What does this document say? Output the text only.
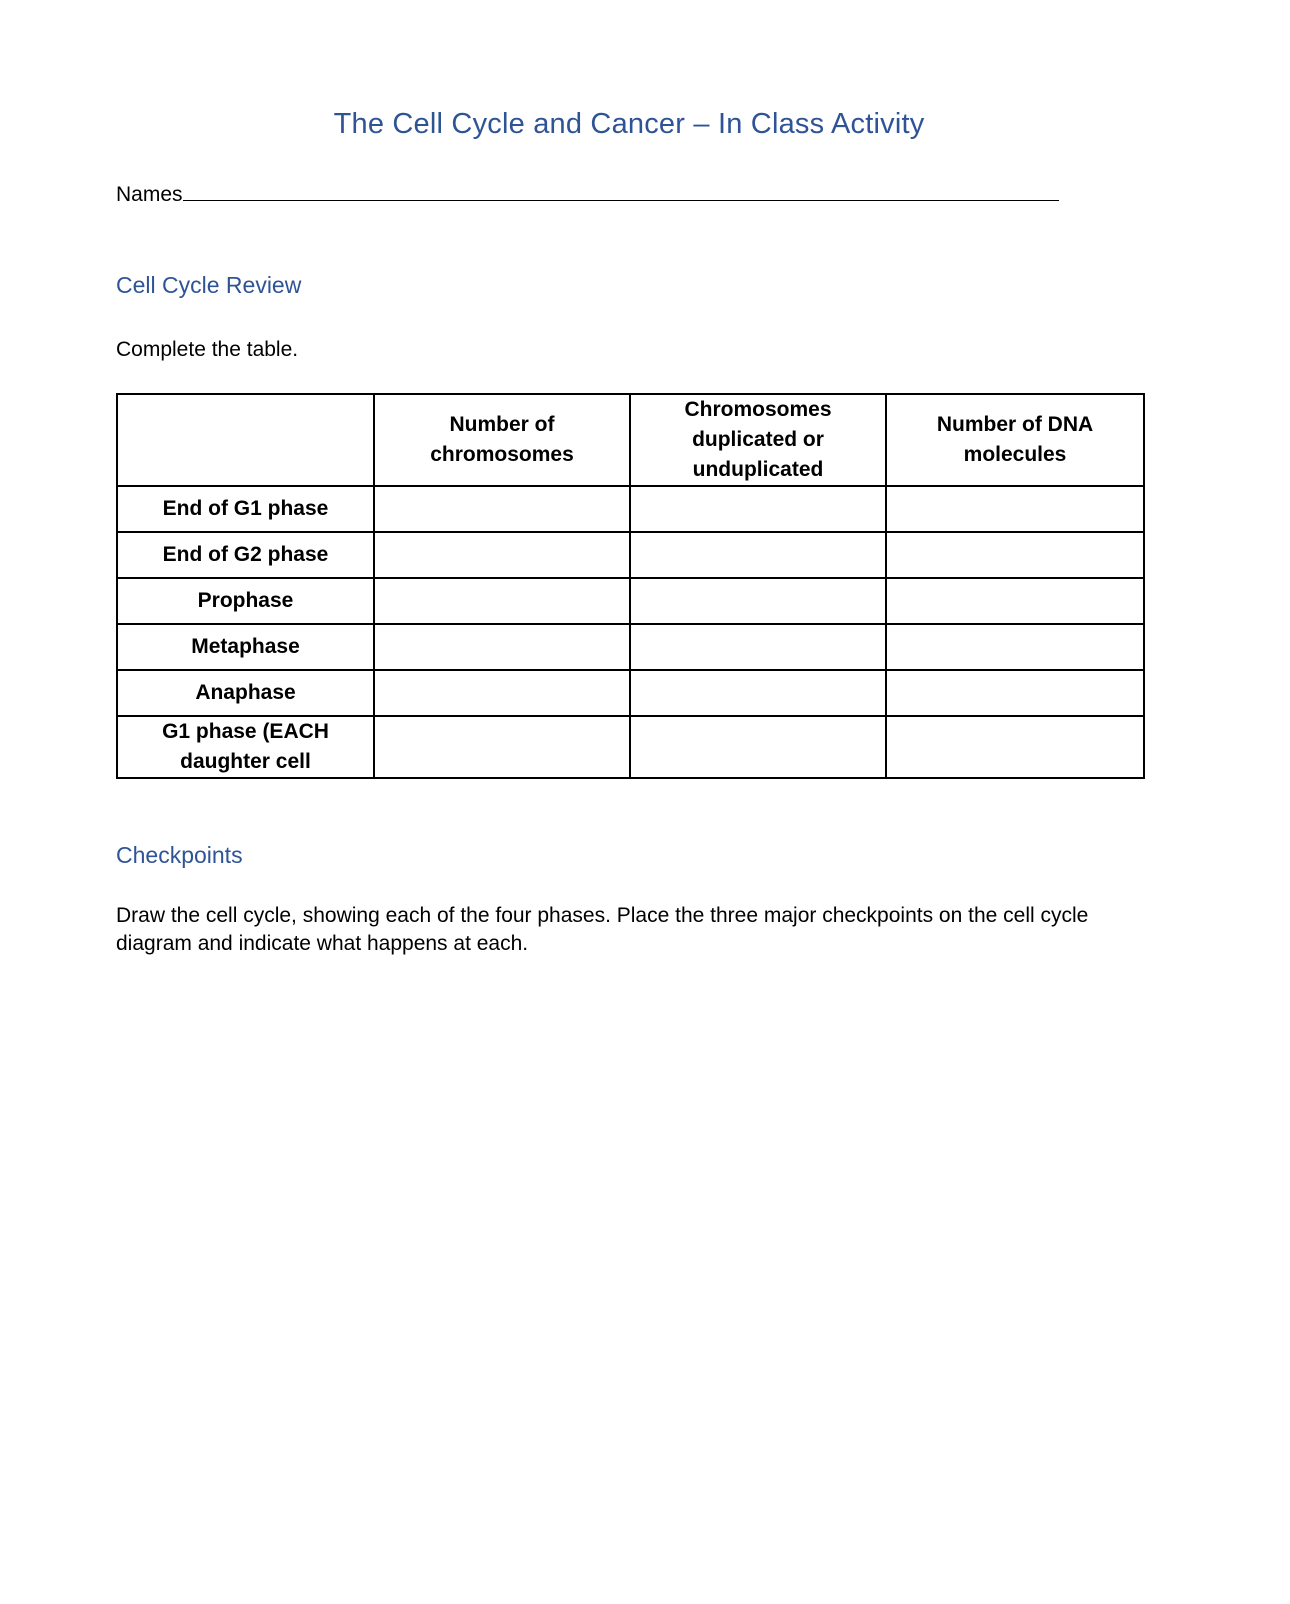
The Cell Cycle and Cancer – In Class Activity
Names
Cell Cycle Review
Complete the table.
	Number of chromosomes	Chromosomes duplicated or unduplicated	Number of DNA molecules
End of G1 phase			
End of G2 phase			
Prophase			
Metaphase			
Anaphase			
G1 phase (EACH daughter cell			
Checkpoints
Draw the cell cycle, showing each of the four phases. Place the three major checkpoints on the cell cycle diagram and indicate what happens at each.
